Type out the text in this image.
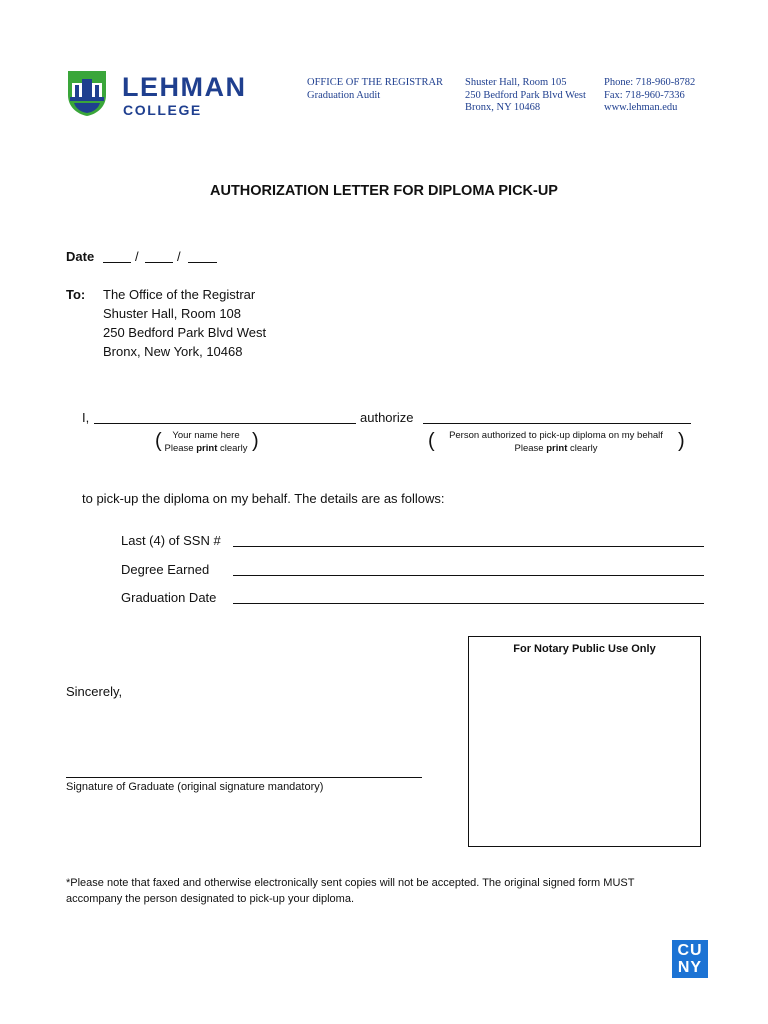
LEHMAN
COLLEGE
OFFICE OF THE REGISTRAR
Graduation Audit
Shuster Hall, Room 105
250 Bedford Park Blvd West
Bronx, NY 10468
Phone: 718-960-8782
Fax: 718-960-7336
www.lehman.edu
AUTHORIZATION LETTER FOR DIPLOMA PICK-UP
Date	/	/
To: The Office of the Registrar
Shuster Hall, Room 108
250 Bedford Park Blvd West
Bronx, New York, 10468
I,	authorize
(	Your name here
Please print clearly )	(	Person authorized to pick-up diploma on my behalf
Please print clearly	)
to pick-up the diploma on my behalf. The details are as follows:
Last (4) of SSN #
Degree Earned
Graduation Date
For Notary Public Use Only
Sincerely,
Signature of Graduate (original signature mandatory)
*Please note that faxed and otherwise electronically sent copies will not be accepted. The original signed form MUST
accompany the person designated to pick-up your diploma.
CU
NY
